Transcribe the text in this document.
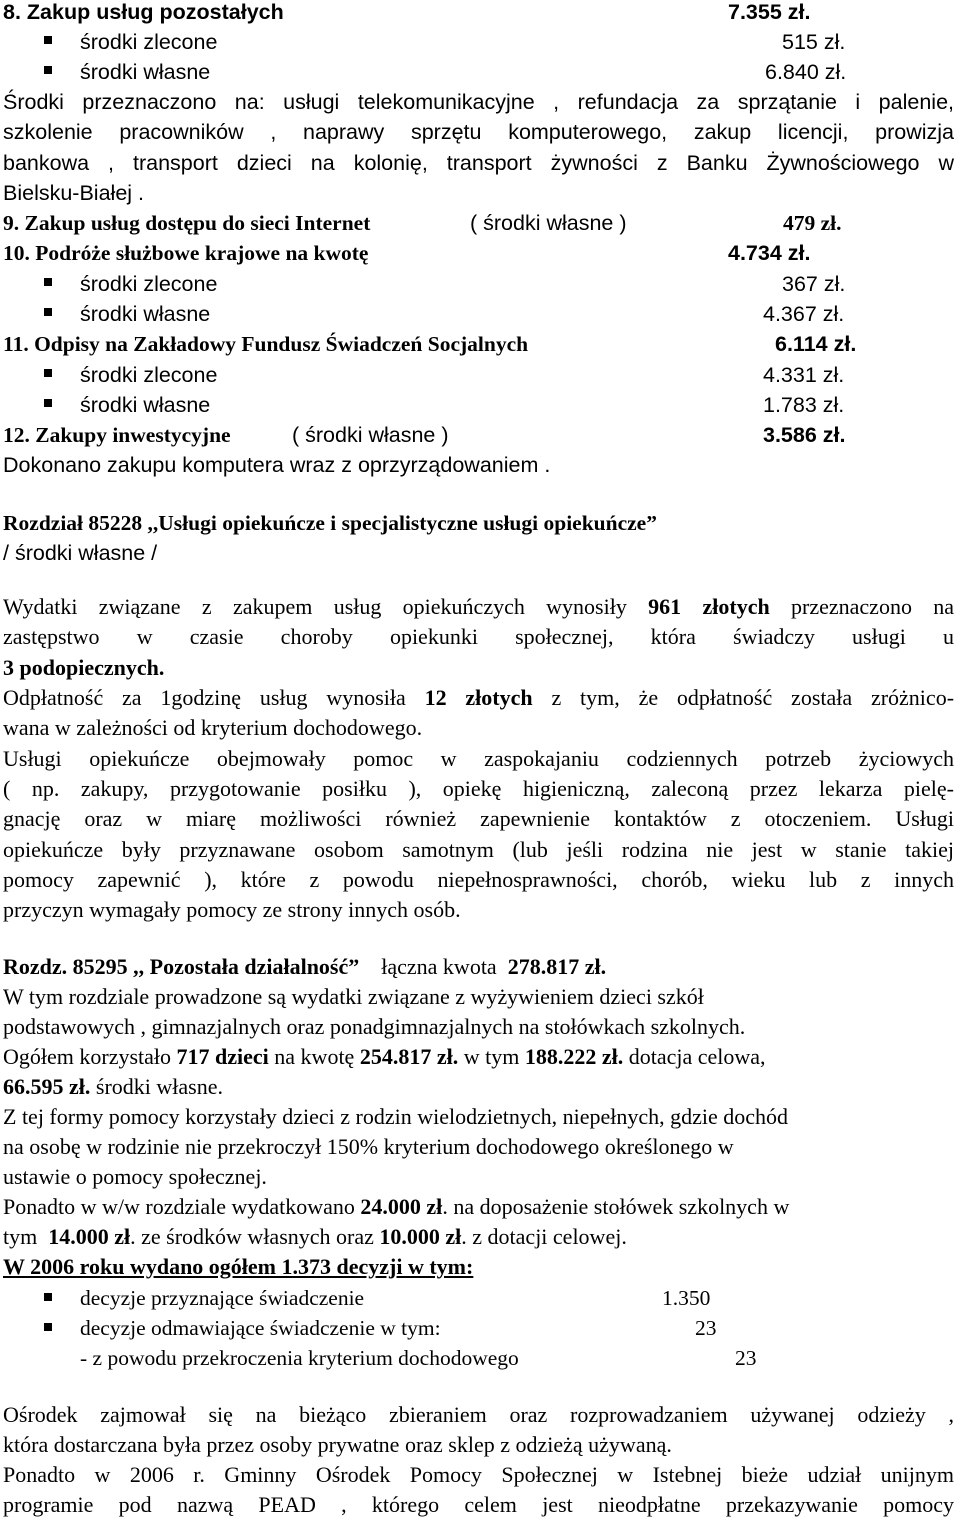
8. Zakup usług pozostałych	7.355 zł.
środki zlecone	515 zł.
środki własne	6.840 zł.
Środki przeznaczono na: usługi telekomunikacyjne , refundacja za sprzątanie i palenie,
szkolenie pracowników , naprawy sprzętu komputerowego, zakup licencji, prowizja
bankowa , transport dzieci na kolonię, transport żywności z Banku Żywnościowego w
Bielsku-Białej .
9. Zakup usług dostępu do sieci Internet	( środki własne )	479 zł.
10. Podróże służbowe krajowe na kwotę	4.734 zł.
środki zlecone	367 zł.
środki własne	4.367 zł.
11. Odpisy na Zakładowy Fundusz Świadczeń Socjalnych	6.114 zł.
środki zlecone	4.331 zł.
środki własne	1.783 zł.
12. Zakupy inwestycyjne	( środki własne )	3.586 zł.
Dokonano zakupu komputera wraz z oprzyrządowaniem .
Rozdział 85228 ,,Usługi opiekuńcze i specjalistyczne usługi opiekuńcze”
/ środki własne /
Wydatki związane z zakupem usług opiekuńczych wynosiły 961 złotych przeznaczono na
zastępstwo w czasie choroby opiekunki społecznej, która świadczy usługi u
3 podopiecznych.
Odpłatność za 1godzinę usług wynosiła 12 złotych z tym, że odpłatność została zróżnico-
wana w zależności od kryterium dochodowego.
Usługi opiekuńcze obejmowały pomoc w zaspokajaniu codziennych potrzeb życiowych
( np. zakupy, przygotowanie posiłku ), opiekę higieniczną, zaleconą przez lekarza pielę-
gnację oraz w miarę możliwości również zapewnienie kontaktów z otoczeniem. Usługi
opiekuńcze były przyznawane osobom samotnym (lub jeśli rodzina nie jest w stanie takiej
pomocy zapewnić ), które z powodu niepełnosprawności, chorób, wieku lub z innych
przyczyn wymagały pomocy ze strony innych osób.
Rozdz. 85295 ,, Pozostała działalność” łączna kwota 278.817 zł.
W tym rozdziale prowadzone są wydatki związane z wyżywieniem dzieci szkół
podstawowych , gimnazjalnych oraz ponadgimnazjalnych na stołówkach szkolnych.
Ogółem korzystało 717 dzieci na kwotę 254.817 zł. w tym 188.222 zł. dotacja celowa,
66.595 zł. środki własne.
Z tej formy pomocy korzystały dzieci z rodzin wielodzietnych, niepełnych, gdzie dochód
na osobę w rodzinie nie przekroczył 150% kryterium dochodowego określonego w
ustawie o pomocy społecznej.
Ponadto w w/w rozdziale wydatkowano 24.000 zł. na doposażenie stołówek szkolnych w
tym 14.000 zł. ze środków własnych oraz 10.000 zł. z dotacji celowej.
W 2006 roku wydano ogółem 1.373 decyzji w tym:
decyzje przyznające świadczenie	1.350
decyzje odmawiające świadczenie w tym:	23
- z powodu przekroczenia kryterium dochodowego	23
Ośrodek zajmował się na bieżąco zbieraniem oraz rozprowadzaniem używanej odzieży ,
która dostarczana była przez osoby prywatne oraz sklep z odzieżą używaną.
Ponadto w 2006 r. Gminny Ośrodek Pomocy Społecznej w Istebnej bieże udział unijnym
programie pod nazwą PEAD , którego celem jest nieodpłatne przekazywanie pomocy
